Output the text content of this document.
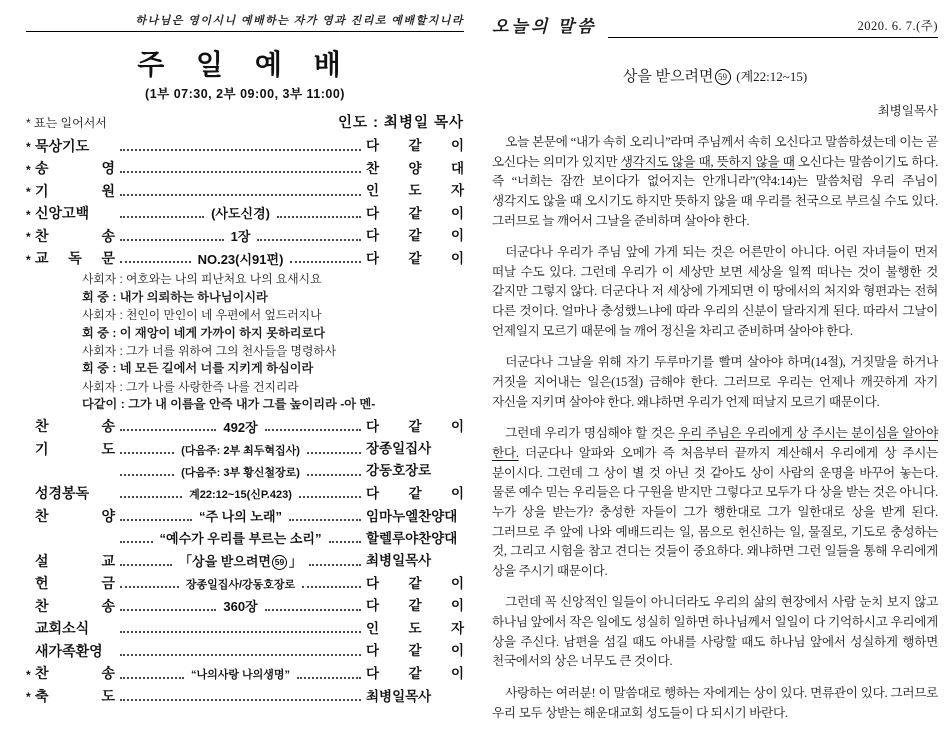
하나님은 영이시니 예배하는 자가 영과 진리로 예배할지니라
주 일 예 배
(1부 07:30, 2부 09:00, 3부 11:00)
* 표는 일어서서	인도 : 최병일 목사
* 묵상기도	다 같 이
* 송 영	찬 양 대
* 기 원	인 도 자
* 신앙고백	(사도신경)	다 같 이
* 찬 송	1장	다 같 이
* 교 독 문	NO.23(시91편)	다 같 이
사회자 : 여호와는 나의 피난처요 나의 요새시요
회 중 : 내가 의뢰하는 하나님이시라
사회자 : 천인이 만인이 네 우편에서 엎드러지나
회 중 : 이 재앙이 네게 가까이 하지 못하리로다
사회자 : 그가 너를 위하여 그의 천사들을 명령하사
회 중 : 네 모든 길에서 너를 지키게 하심이라
사회자 : 그가 나를 사랑한즉 나를 건지리라
다같이 : 그가 내 이름을 안즉 내가 그를 높이리라 -아 멘-
찬 송	492장	다 같 이
기 도	(다음주: 2부 최두혁집사)	장종일집사
(다음주: 3부 황신철장로)	강동호장로
성경봉독	계22:12~15(신P.423)	다 같 이
찬 양	“주 나의 노래”	임마누엘찬양대
“예수가 우리를 부르는 소리”	할렐루야찬양대
설 교	「상을 받으려면 59 」	최병일목사
헌 금	장종일집사/강동호장로	다 같 이
찬 송	360장	다 같 이
교회소식	인 도 자
새가족환영	다 같 이
* 찬 송	“나의사랑 나의생명”	다 같 이
* 축 도	최병일목사
오늘의 말씀	2020. 6. 7.(주)
상을 받으려면 59 (계22:12~15)
최병일목사

오늘 본문에 “내가 속히 오리니”라며 주님께서 속히 오신다고 말씀하셨는데 이는 곧 오신다는 의미가 있지만 생각지도 않을 때, 뜻하지 않을 때 오신다는 말씀이기도 하다. 즉 “너희는 잠깐 보이다가 없어지는 안개니라”(약4:14)는 말씀처럼 우리 주님이 생각지도 않을 때 오시기도 하지만 뜻하지 않을 때 우리를 천국으로 부르실 수도 있다. 그러므로 늘 깨어서 그날을 준비하며 살아야 한다.

더군다나 우리가 주님 앞에 가게 되는 것은 어른만이 아니다. 어린 자녀들이 먼저 떠날 수도 있다. 그런데 우리가 이 세상만 보면 세상을 일찍 떠나는 것이 불행한 것 같지만 그렇지 않다. 더군다나 저 세상에 가게되면 이 땅에서의 처지와 형편과는 전혀 다른 것이다. 얼마나 충성했느냐에 따라 우리의 신분이 달라지게 된다. 따라서 그날이 언제일지 모르기 때문에 늘 깨어 정신을 차리고 준비하며 살아야 한다.

더군다나 그날을 위해 자기 두루마기를 빨며 살아야 하며(14절), 거짓말을 하거나 거짓을 지어내는 일은(15절) 금해야 한다. 그러므로 우리는 언제나 깨끗하게 자기 자신을 지키며 살아야 한다. 왜냐하면 우리가 언제 떠날지 모르기 때문이다.

그런데 우리가 명심해야 할 것은 우리 주님은 우리에게 상 주시는 분이심을 알아야 한다. 더군다나 알파와 오메가 즉 처음부터 끝까지 계산해서 우리에게 상 주시는 분이시다. 그런데 그 상이 별 것 아닌 것 같아도 상이 사람의 운명을 바꾸어 놓는다. 물론 예수 믿는 우리들은 다 구원을 받지만 그렇다고 모두가 다 상을 받는 것은 아니다. 누가 상을 받는가? 충성한 자들이 그가 행한대로 그가 일한대로 상을 받게 된다. 그러므로 주 앞에 나와 예배드리는 일, 몸으로 헌신하는 일, 물질로, 기도로 충성하는 것, 그리고 시험을 참고 견디는 것들이 중요하다. 왜냐하면 그런 일들을 통해 우리에게 상을 주시기 때문이다.

그런데 꼭 신앙적인 일들이 아니더라도 우리의 삶의 현장에서 사람 눈치 보지 않고 하나님 앞에서 작은 일에도 성실히 일하면 하나님께서 일일이 다 기억하시고 우리에게 상을 주신다. 남편을 섬길 때도 아내를 사랑할 때도 하나님 앞에서 성실하게 행하면 천국에서의 상은 너무도 큰 것이다.

사랑하는 여러분! 이 말씀대로 행하는 자에게는 상이 있다. 면류관이 있다. 그러므로 우리 모두 상받는 해운대교회 성도들이 다 되시기 바란다.
